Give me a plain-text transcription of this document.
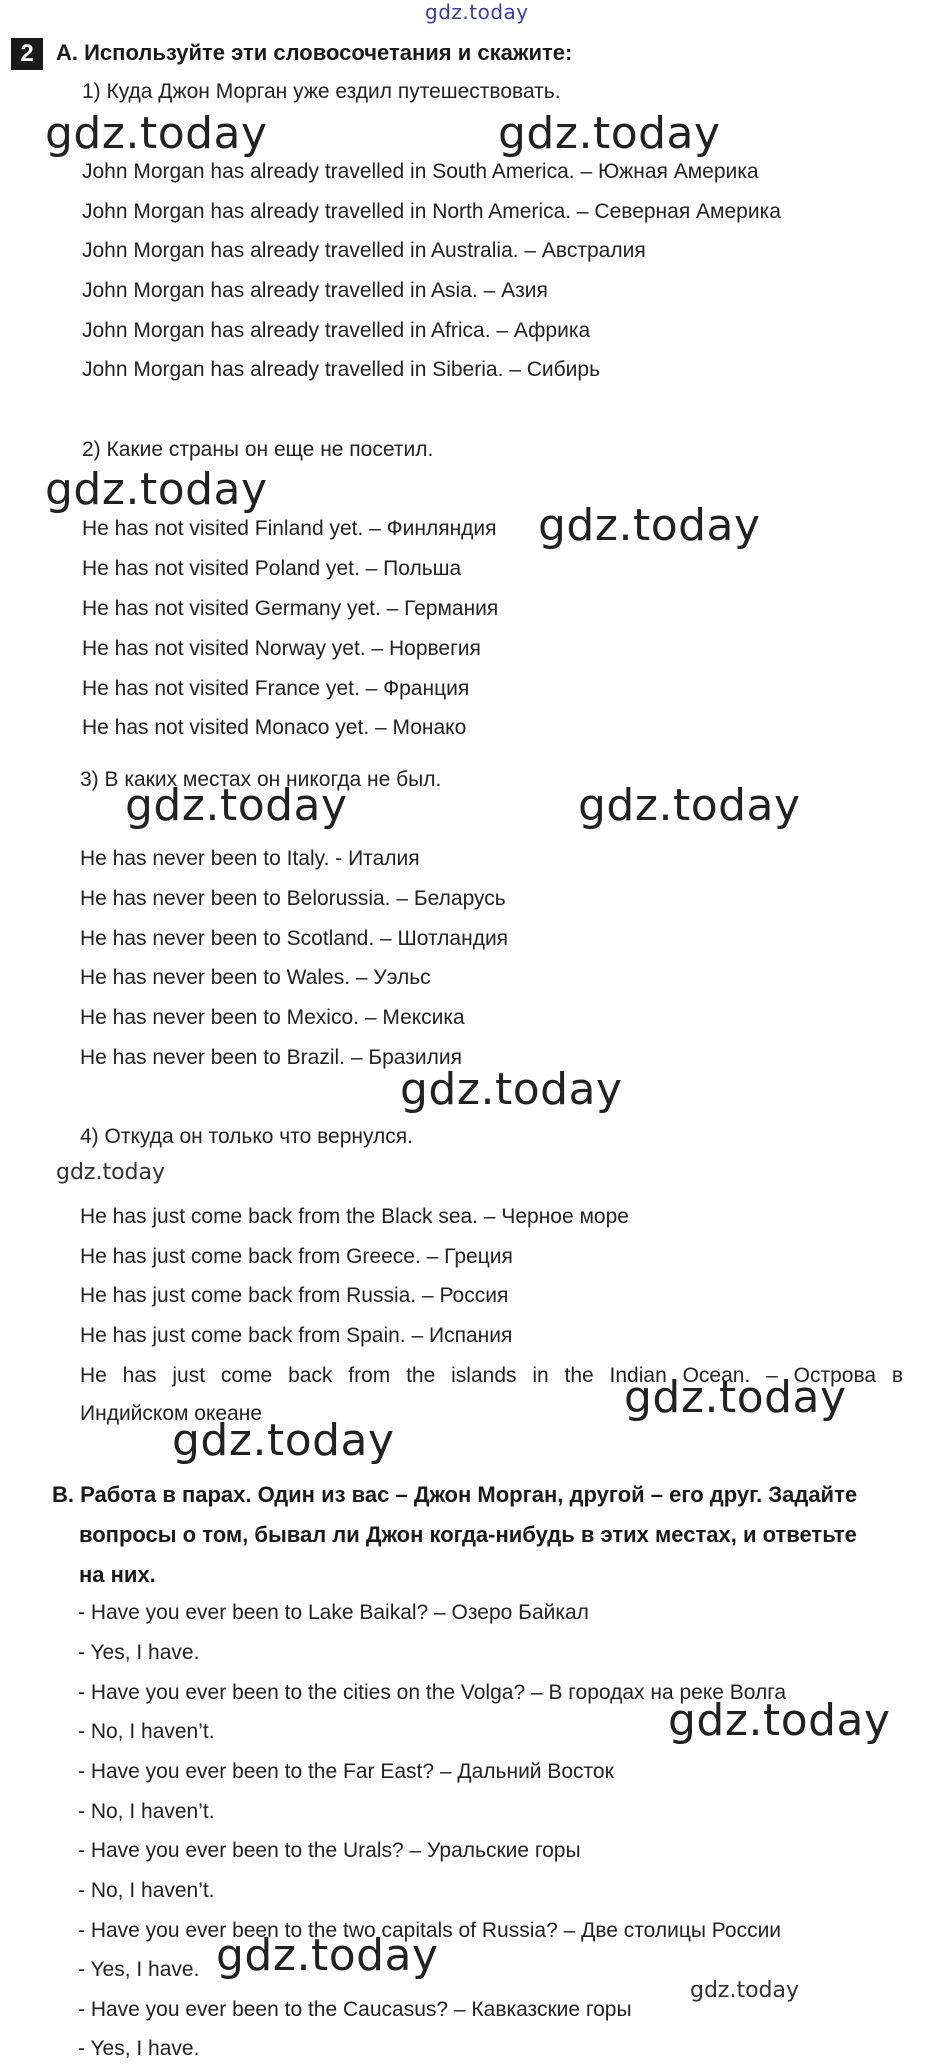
gdz.today
2	A. Используйте эти словосочетания и скажите:
1) Куда Джон Морган уже ездил путешествовать.
John Morgan has already travelled in South America. – Южная Америка
John Morgan has already travelled in North America. – Северная Америка
John Morgan has already travelled in Australia. – Австралия
John Morgan has already travelled in Asia. – Азия
John Morgan has already travelled in Africa. – Африка
John Morgan has already travelled in Siberia. – Сибирь
2) Какие страны он еще не посетил.
He has not visited Finland yet. – Финляндия
He has not visited Poland yet. – Польша
He has not visited Germany yet. – Германия
He has not visited Norway yet. – Норвегия
He has not visited France yet. – Франция
He has not visited Monaco yet. – Монако
3) В каких местах он никогда не был.
He has never been to Italy. - Италия
He has never been to Belorussia. – Беларусь
He has never been to Scotland. – Шотландия
He has never been to Wales. – Уэльс
He has never been to Mexico. – Мексика
He has never been to Brazil. – Бразилия
4) Откуда он только что вернулся.
He has just come back from the Black sea. – Черное море
He has just come back from Greece. – Греция
He has just come back from Russia. – Россия
He has just come back from Spain. – Испания
He has just come back from the islands in the Indian Ocean. – Острова в
Индийском океане
B. Работа в парах. Один из вас – Джон Морган, другой – его друг. Задайте
вопросы о том, бывал ли Джон когда-нибудь в этих местах, и ответьте
на них.
- Have you ever been to Lake Baikal? – Озеро Байкал
- Yes, I have.
- Have you ever been to the cities on the Volga? – В городах на реке Волга
- No, I haven’t.
- Have you ever been to the Far East? – Дальний Восток
- No, I haven’t.
- Have you ever been to the Urals? – Уральские горы
- No, I haven’t.
- Have you ever been to the two capitals of Russia? – Две столицы России
- Yes, I have.
- Have you ever been to the Caucasus? – Кавказские горы
- Yes, I have.
gdz.today	gdz.today
gdz.today
gdz.today
gdz.today	gdz.today
gdz.today
gdz.today
gdz.today
gdz.today
gdz.today
gdz.today
gdz.today
